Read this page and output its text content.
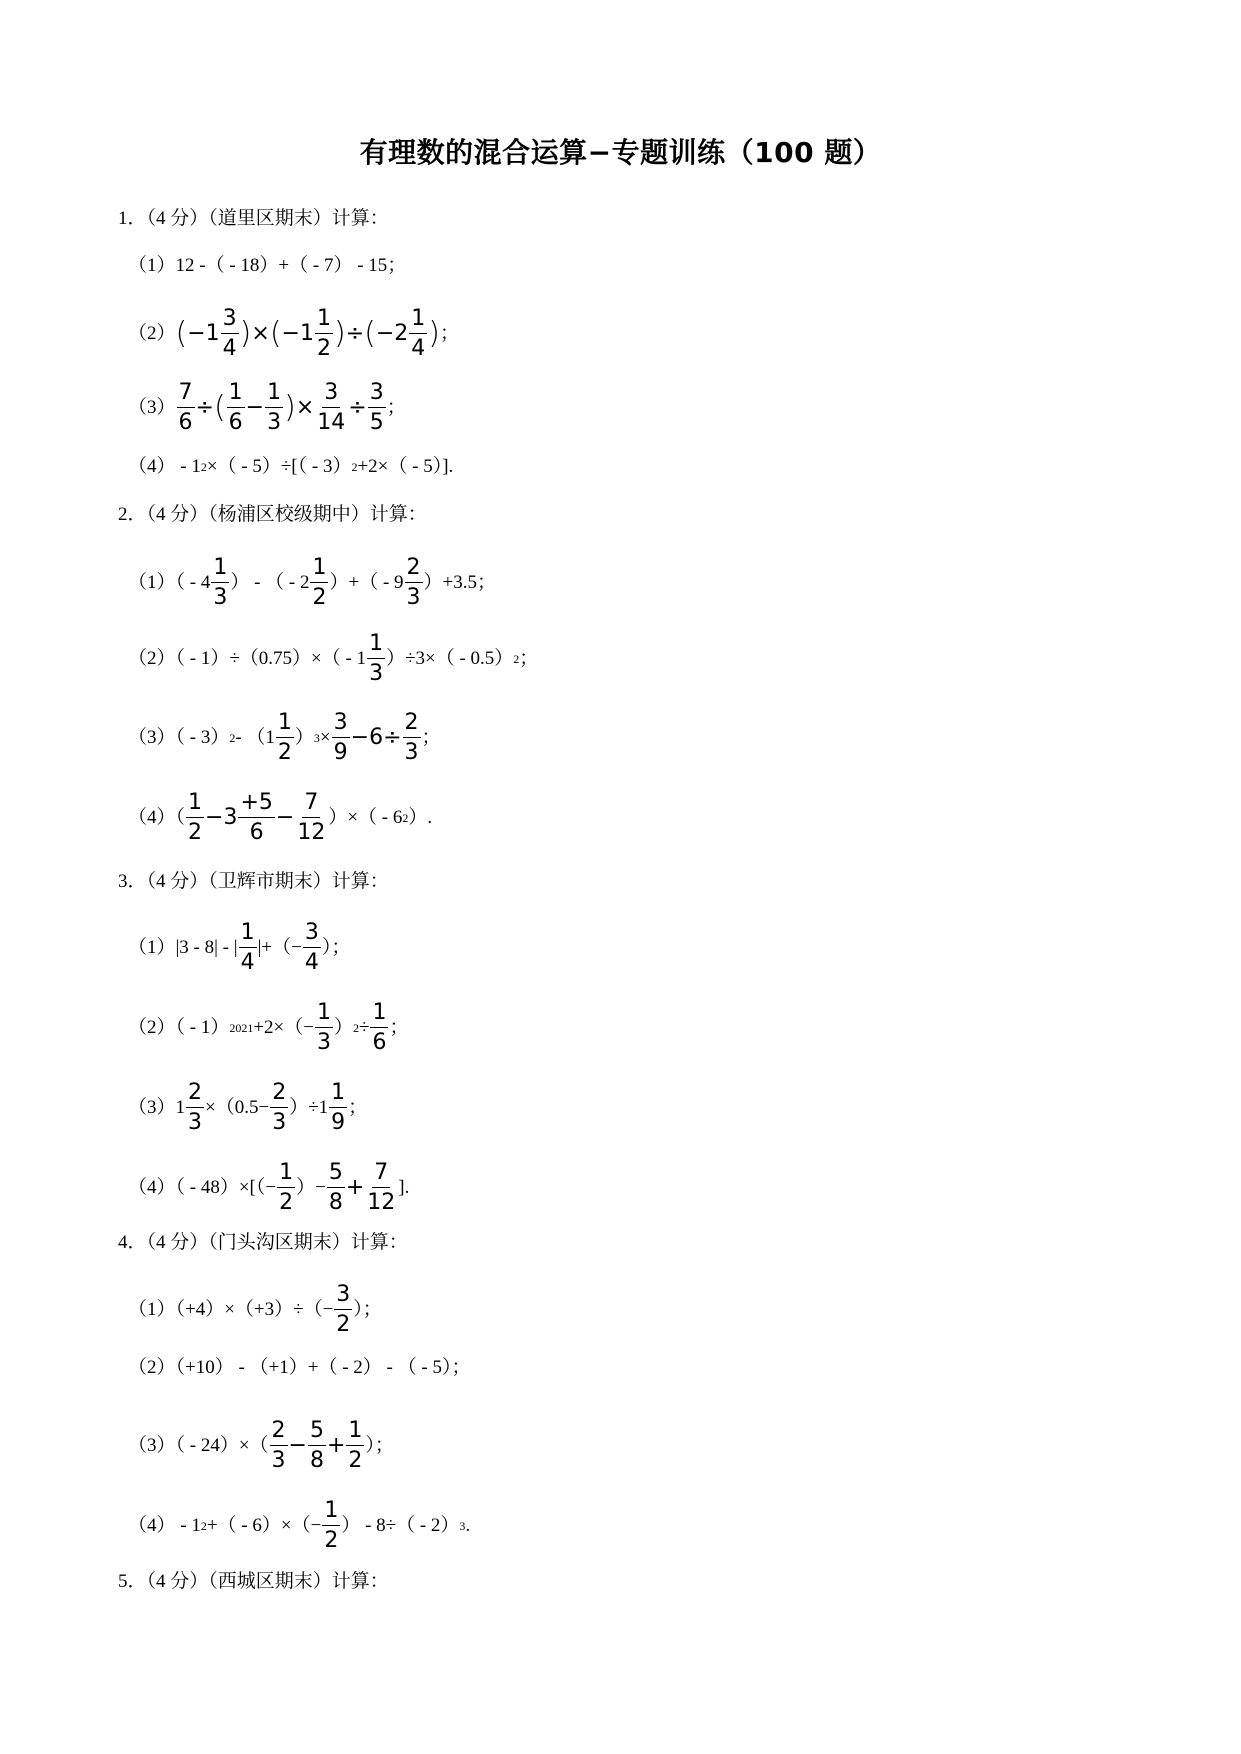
有理数的混合运算−专题训练（100 题）
1．（4 分）（道里区期末）计算：
（1）12 -（ - 18）+（ - 7） - 15；
（2） ( $-1 \frac{3}{4}$ ) × ( $-1 \frac{1}{2}$ ) ÷ ( $-2 \frac{1}{4}$ ) ；
$(3) \frac{7}{6}$ ÷ ( $\frac{1}{6} - \frac{1}{3}$ ) × $\frac{3}{14} \div \frac{3}{5}$ ；
（4） - 1 2 ×（ - 5）÷[（ - 3） 2 +2×（ - 5）].
2．（4 分）（杨浦区校级期中）计算：
$(1)( - 4 \frac{1}{3}$ ） - （ - $2 \frac{1}{2}$ ）+（ - $9 \frac{2}{3} )+3.5$；
$(2)( - 1)\div(0.75)\times( - 1 \frac{1}{3} )\div 3\times( - 0.5)$ 2 ；
（3）（ - 3） $2 - (1 \frac{1}{2}$ ） $3 \times \frac{3}{9} -6\div \frac{2}{3}$ ；
$(4)( \frac{1}{2} -3 \frac{+5}{6} - \frac{7}{12}$ ）×（ - 6 2 ）.
3．（4 分）（卫辉市期末）计算：
（1）|3 - 8| - | $\frac{1}{4}$ |+（− $\frac{3}{4}$ ）；
（2）（ - 1） $2021 +2\times(- \frac{1}{3}$ ） $2 \div \frac{1}{6}$ ；
$(3)1 \frac{2}{3} \times(0.5- \frac{2}{3} )\div 1 \frac{1}{9}$ ；
$(4)( - 48)\times[(- \frac{1}{2}$ ）− $\frac{5}{8} + \frac{7}{12}$ ].
4．（4 分）（门头沟区期末）计算：
$(1)(+4)\times(+3)\div(- \frac{3}{2}$ ）；
（2）（+10） - （+1）+（ - 2） - （ - 5）；
$(3)( - 24)\times( \frac{2}{3} - \frac{5}{8} + \frac{1}{2}$ ）；
（4） - 1 2 +（ - $6)\times(- \frac{1}{2}$ ） - 8÷（ - 2） 3 .
5．（4 分）（西城区期末）计算：
